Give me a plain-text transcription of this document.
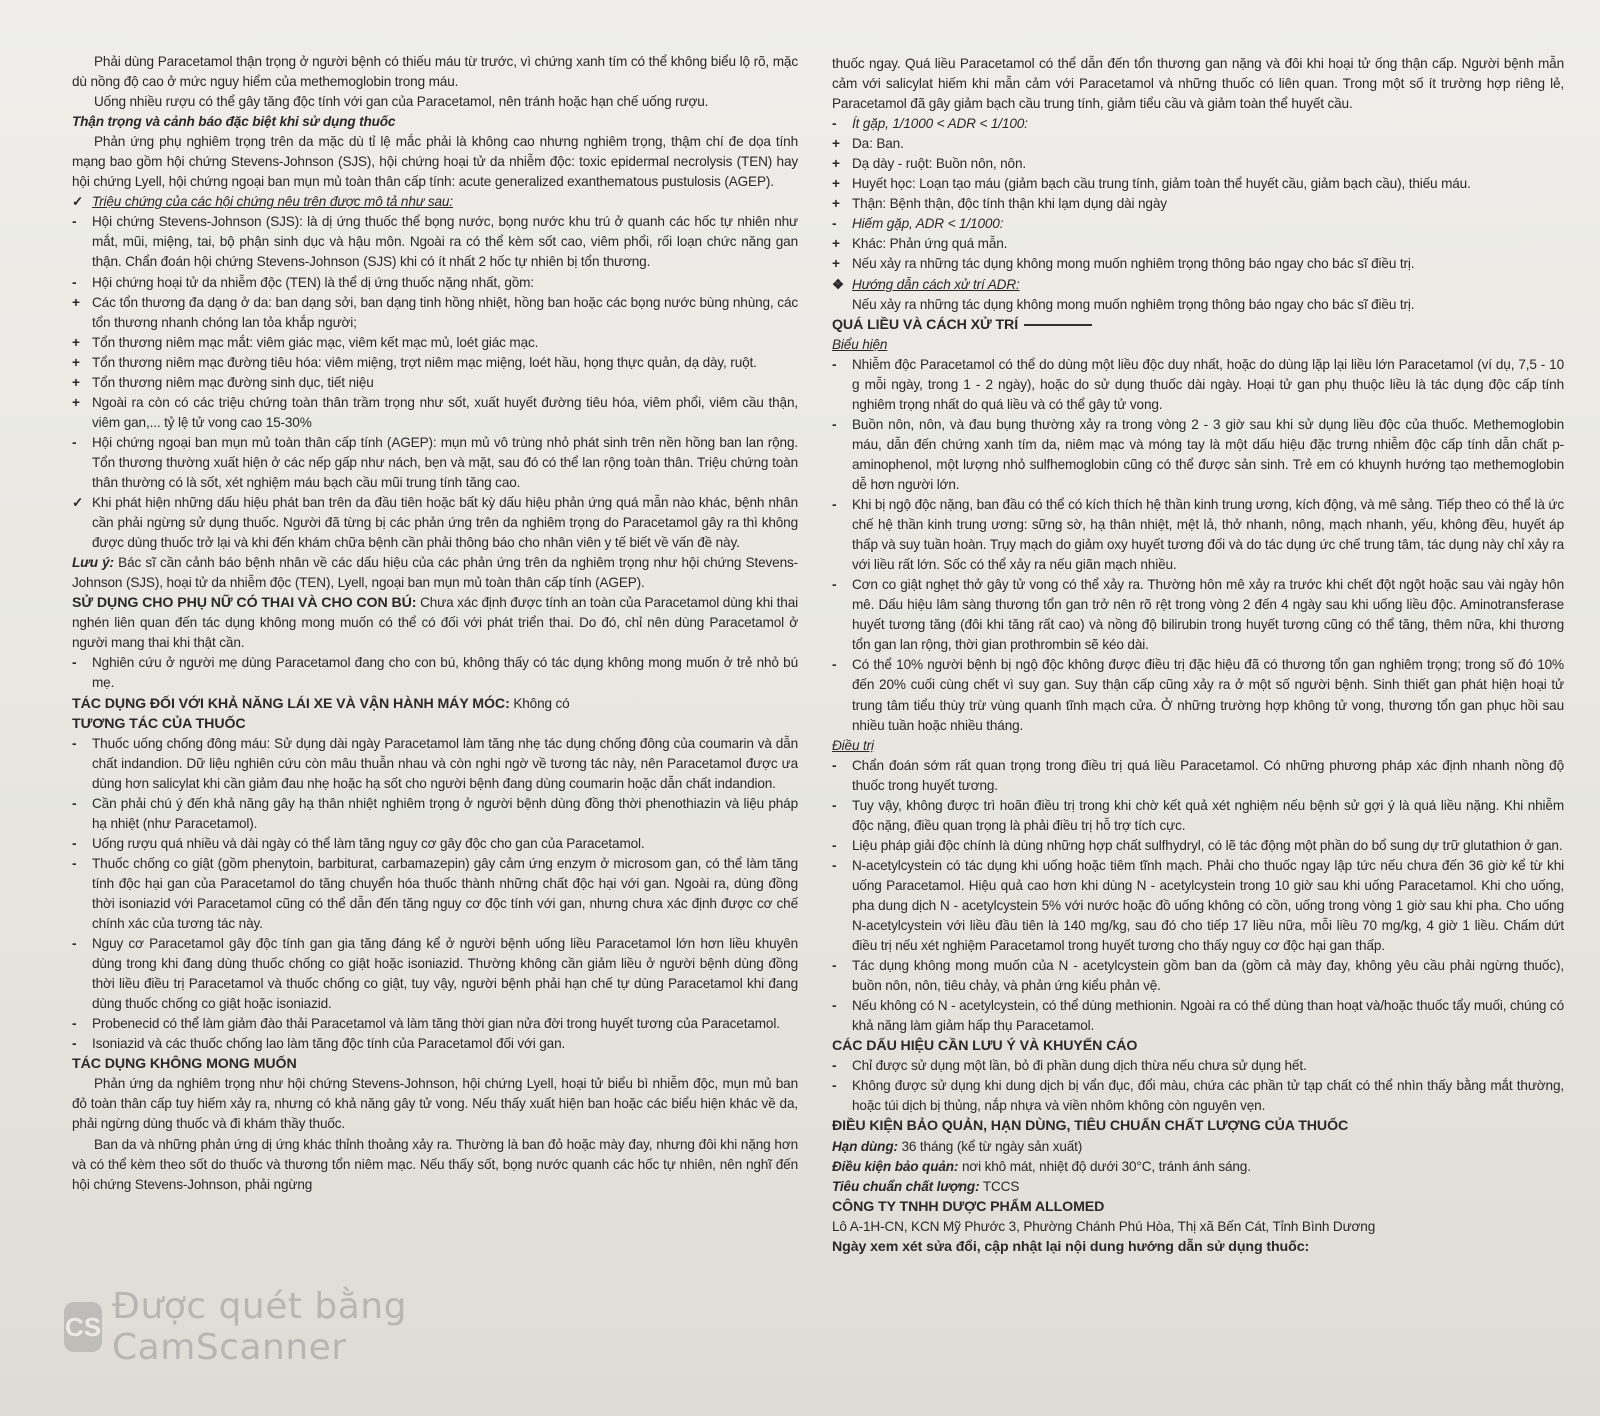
Phải dùng Paracetamol thận trọng ở người bệnh có thiếu máu từ trước, vì chứng xanh tím có thể không biểu lộ rõ, mặc dù nồng độ cao ở mức nguy hiểm của methemoglobin trong máu.

Uống nhiều rượu có thể gây tăng độc tính với gan của Paracetamol, nên tránh hoặc hạn chế uống rượu.

Thận trọng và cảnh báo đặc biệt khi sử dụng thuốc

Phản ứng phụ nghiêm trọng trên da mặc dù tỉ lệ mắc phải là không cao nhưng nghiêm trọng, thậm chí đe dọa tính mạng bao gồm hội chứng Stevens-Johnson (SJS), hội chứng hoại tử da nhiễm độc: toxic epidermal necrolysis (TEN) hay hội chứng Lyell, hội chứng ngoại ban mụn mủ toàn thân cấp tính: acute generalized exanthematous pustulosis (AGEP).

✓ Triệu chứng của các hội chứng nêu trên được mô tả như sau:
-	Hội chứng Stevens-Johnson (SJS): là dị ứng thuốc thể bọng nước, bọng nước khu trú ở quanh các hốc tự nhiên như mắt, mũi, miệng, tai, bộ phận sinh dục và hậu môn. Ngoài ra có thể kèm sốt cao, viêm phổi, rối loạn chức năng gan thận. Chẩn đoán hội chứng Stevens-Johnson (SJS) khi có ít nhất 2 hốc tự nhiên bị tổn thương.
-	Hội chứng hoại tử da nhiễm độc (TEN) là thể dị ứng thuốc nặng nhất, gồm:
+ Các tổn thương đa dạng ở da: ban dạng sởi, ban dạng tinh hồng nhiệt, hồng ban hoặc các bọng nước bùng nhùng, các tổn thương nhanh chóng lan tỏa khắp người;
+ Tổn thương niêm mạc mắt: viêm giác mạc, viêm kết mạc mủ, loét giác mạc.
+ Tổn thương niêm mạc đường tiêu hóa: viêm miệng, trợt niêm mạc miệng, loét hầu, họng thực quản, dạ dày, ruột.
+ Tổn thương niêm mạc đường sinh dục, tiết niệu
+ Ngoài ra còn có các triệu chứng toàn thân trầm trọng như sốt, xuất huyết đường tiêu hóa, viêm phổi, viêm cầu thận, viêm gan,... tỷ lệ tử vong cao 15-30%
-	Hội chứng ngoại ban mụn mủ toàn thân cấp tính (AGEP): mụn mủ vô trùng nhỏ phát sinh trên nền hồng ban lan rộng. Tổn thương thường xuất hiện ở các nếp gấp như nách, bẹn và mặt, sau đó có thể lan rộng toàn thân. Triệu chứng toàn thân thường có là sốt, xét nghiệm máu bạch cầu mũi trung tính tăng cao.
✓ Khi phát hiện những dấu hiệu phát ban trên da đầu tiên hoặc bất kỳ dấu hiệu phản ứng quá mẫn nào khác, bệnh nhân cần phải ngừng sử dụng thuốc. Người đã từng bị các phản ứng trên da nghiêm trọng do Paracetamol gây ra thì không được dùng thuốc trở lại và khi đến khám chữa bệnh cần phải thông báo cho nhân viên y tế biết về vấn đề này.

Lưu ý: Bác sĩ cần cảnh báo bệnh nhân về các dấu hiệu của các phản ứng trên da nghiêm trọng như hội chứng Stevens-Johnson (SJS), hoại tử da nhiễm độc (TEN), Lyell, ngoại ban mụn mủ toàn thân cấp tính (AGEP).

SỬ DỤNG CHO PHỤ NỮ CÓ THAI VÀ CHO CON BÚ: Chưa xác định được tính an toàn của Paracetamol dùng khi thai nghén liên quan đến tác dụng không mong muốn có thể có đối với phát triển thai. Do đó, chỉ nên dùng Paracetamol ở người mang thai khi thật cần.

-	Nghiên cứu ở người mẹ dùng Paracetamol đang cho con bú, không thấy có tác dụng không mong muốn ở trẻ nhỏ bú mẹ.

TÁC DỤNG ĐỐI VỚI KHẢ NĂNG LÁI XE VÀ VẬN HÀNH MÁY MÓC: Không có

TƯƠNG TÁC CỦA THUỐC

-	Thuốc uống chống đông máu: Sử dụng dài ngày Paracetamol làm tăng nhẹ tác dụng chống đông của coumarin và dẫn chất indandion. Dữ liệu nghiên cứu còn mâu thuẫn nhau và còn nghi ngờ về tương tác này, nên Paracetamol được ưa dùng hơn salicylat khi cần giảm đau nhẹ hoặc hạ sốt cho người bệnh đang dùng coumarin hoặc dẫn chất indandion.
-	Cần phải chú ý đến khả năng gây hạ thân nhiệt nghiêm trọng ở người bệnh dùng đồng thời phenothiazin và liệu pháp hạ nhiệt (như Paracetamol).
-	Uống rượu quá nhiều và dài ngày có thể làm tăng nguy cơ gây độc cho gan của Paracetamol.
-	Thuốc chống co giật (gồm phenytoin, barbiturat, carbamazepin) gây cảm ứng enzym ở microsom gan, có thể làm tăng tính độc hại gan của Paracetamol do tăng chuyển hóa thuốc thành những chất độc hại với gan. Ngoài ra, dùng đồng thời isoniazid với Paracetamol cũng có thể dẫn đến tăng nguy cơ độc tính với gan, nhưng chưa xác định được cơ chế chính xác của tương tác này.
-	Nguy cơ Paracetamol gây độc tính gan gia tăng đáng kể ở người bệnh uống liều Paracetamol lớn hơn liều khuyên dùng trong khi đang dùng thuốc chống co giật hoặc isoniazid. Thường không cần giảm liều ở người bệnh dùng đồng thời liều điều trị Paracetamol và thuốc chống co giật, tuy vậy, người bệnh phải hạn chế tự dùng Paracetamol khi đang dùng thuốc chống co giật hoặc isoniazid.
-	Probenecid có thể làm giảm đào thải Paracetamol và làm tăng thời gian nửa đời trong huyết tương của Paracetamol.
-	Isoniazid và các thuốc chống lao làm tăng độc tính của Paracetamol đối với gan.

TÁC DỤNG KHÔNG MONG MUỐN

Phản ứng da nghiêm trọng như hội chứng Stevens-Johnson, hội chứng Lyell, hoại tử biểu bì nhiễm độc, mụn mủ ban đỏ toàn thân cấp tuy hiếm xảy ra, nhưng có khả năng gây tử vong. Nếu thấy xuất hiện ban hoặc các biểu hiện khác về da, phải ngừng dùng thuốc và đi khám thầy thuốc.

Ban da và những phản ứng dị ứng khác thỉnh thoảng xảy ra. Thường là ban đỏ hoặc mày đay, nhưng đôi khi nặng hơn và có thể kèm theo sốt do thuốc và thương tổn niêm mạc. Nếu thấy sốt, bọng nước quanh các hốc tự nhiên, nên nghĩ đến hội chứng Stevens-Johnson, phải ngừng

thuốc ngay. Quá liều Paracetamol có thể dẫn đến tổn thương gan nặng và đôi khi hoại tử ống thận cấp. Người bệnh mẫn cảm với salicylat hiếm khi mẫn cảm với Paracetamol và những thuốc có liên quan. Trong một số ít trường hợp riêng lẻ, Paracetamol đã gây giảm bạch cầu trung tính, giảm tiểu cầu và giảm toàn thể huyết cầu.

-	Ít gặp, 1/1000 < ADR < 1/100:
+ Da: Ban.
+ Dạ dày - ruột: Buồn nôn, nôn.
+ Huyết học: Loạn tạo máu (giảm bạch cầu trung tính, giảm toàn thể huyết cầu, giảm bạch cầu), thiếu máu.
+ Thận: Bệnh thận, độc tính thận khi lạm dụng dài ngày
-	Hiếm gặp, ADR < 1/1000:
+ Khác: Phản ứng quá mẫn.
+ Nếu xảy ra những tác dụng không mong muốn nghiêm trọng thông báo ngay cho bác sĩ điều trị.
❖ Hướng dẫn cách xử trí ADR:

Nếu xảy ra những tác dụng không mong muốn nghiêm trọng thông báo ngay cho bác sĩ điều trị.

QUÁ LIỀU VÀ CÁCH XỬ TRÍ

Biểu hiện

-	Nhiễm độc Paracetamol có thể do dùng một liều độc duy nhất, hoặc do dùng lặp lại liều lớn Paracetamol (ví dụ, 7,5 - 10 g mỗi ngày, trong 1 - 2 ngày), hoặc do sử dụng thuốc dài ngày. Hoại tử gan phụ thuộc liều là tác dụng độc cấp tính nghiêm trọng nhất do quá liều và có thể gây tử vong.
-	Buồn nôn, nôn, và đau bụng thường xảy ra trong vòng 2 - 3 giờ sau khi sử dụng liều độc của thuốc. Methemoglobin máu, dẫn đến chứng xanh tím da, niêm mạc và móng tay là một dấu hiệu đặc trưng nhiễm độc cấp tính dẫn chất p-aminophenol, một lượng nhỏ sulfhemoglobin cũng có thể được sản sinh. Trẻ em có khuynh hướng tạo methemoglobin dễ hơn người lớn.
-	Khi bị ngộ độc nặng, ban đầu có thể có kích thích hệ thần kinh trung ương, kích động, và mê sảng. Tiếp theo có thể là ức chế hệ thần kinh trung ương: sững sờ, hạ thân nhiệt, mệt lả, thở nhanh, nông, mạch nhanh, yếu, không đều, huyết áp thấp và suy tuần hoàn. Trụy mạch do giảm oxy huyết tương đối và do tác dụng ức chế trung tâm, tác dụng này chỉ xảy ra với liều rất lớn. Sốc có thể xảy ra nếu giãn mạch nhiều.
-	Cơn co giật nghẹt thở gây tử vong có thể xảy ra. Thường hôn mê xảy ra trước khi chết đột ngột hoặc sau vài ngày hôn mê. Dấu hiệu lâm sàng thương tổn gan trở nên rõ rệt trong vòng 2 đến 4 ngày sau khi uống liều độc. Aminotransferase huyết tương tăng (đôi khi tăng rất cao) và nồng độ bilirubin trong huyết tương cũng có thể tăng, thêm nữa, khi thương tổn gan lan rộng, thời gian prothrombin sẽ kéo dài.
-	Có thể 10% người bệnh bị ngộ độc không được điều trị đặc hiệu đã có thương tổn gan nghiêm trọng; trong số đó 10% đến 20% cuối cùng chết vì suy gan. Suy thận cấp cũng xảy ra ở một số người bệnh. Sinh thiết gan phát hiện hoại tử trung tâm tiểu thùy trừ vùng quanh tĩnh mạch cửa. Ở những trường hợp không tử vong, thương tổn gan phục hồi sau nhiều tuần hoặc nhiều tháng.

Điều trị

-	Chẩn đoán sớm rất quan trọng trong điều trị quá liều Paracetamol. Có những phương pháp xác định nhanh nồng độ thuốc trong huyết tương.
-	Tuy vậy, không được trì hoãn điều trị trong khi chờ kết quả xét nghiệm nếu bệnh sử gợi ý là quá liều nặng. Khi nhiễm độc nặng, điều quan trọng là phải điều trị hỗ trợ tích cực.
-	Liệu pháp giải độc chính là dùng những hợp chất sulfhydryl, có lẽ tác động một phần do bổ sung dự trữ glutathion ở gan.
-	N-acetylcystein có tác dụng khi uống hoặc tiêm tĩnh mạch. Phải cho thuốc ngay lập tức nếu chưa đến 36 giờ kể từ khi uống Paracetamol. Hiệu quả cao hơn khi dùng N - acetylcystein trong 10 giờ sau khi uống Paracetamol. Khi cho uống, pha dung dịch N - acetylcystein 5% với nước hoặc đồ uống không có cồn, uống trong vòng 1 giờ sau khi pha. Cho uống N-acetylcystein với liều đầu tiên là 140 mg/kg, sau đó cho tiếp 17 liều nữa, mỗi liều 70 mg/kg, 4 giờ 1 liều. Chấm dứt điều trị nếu xét nghiệm Paracetamol trong huyết tương cho thấy nguy cơ độc hại gan thấp.
-	Tác dụng không mong muốn của N - acetylcystein gồm ban da (gồm cả mày đay, không yêu cầu phải ngừng thuốc), buồn nôn, nôn, tiêu chảy, và phản ứng kiểu phản vệ.
-	Nếu không có N - acetylcystein, có thể dùng methionin. Ngoài ra có thể dùng than hoạt và/hoặc thuốc tẩy muối, chúng có khả năng làm giảm hấp thụ Paracetamol.

CÁC DẤU HIỆU CẦN LƯU Ý VÀ KHUYẾN CÁO

-	Chỉ được sử dụng một lần, bỏ đi phần dung dịch thừa nếu chưa sử dụng hết.
-	Không được sử dụng khi dung dịch bị vẩn đục, đổi màu, chứa các phần tử tạp chất có thể nhìn thấy bằng mắt thường, hoặc túi dịch bị thủng, nắp nhựa và viền nhôm không còn nguyên vẹn.

ĐIỀU KIỆN BẢO QUẢN, HẠN DÙNG, TIÊU CHUẨN CHẤT LƯỢNG CỦA THUỐC

Hạn dùng: 36 tháng (kể từ ngày sản xuất)

Điều kiện bảo quản: nơi khô mát, nhiệt độ dưới 30°C, tránh ánh sáng.

Tiêu chuẩn chất lượng: TCCS

CÔNG TY TNHH DƯỢC PHẨM ALLOMED

Lô A-1H-CN, KCN Mỹ Phước 3, Phường Chánh Phú Hòa, Thị xã Bến Cát, Tỉnh Bình Dương

Ngày xem xét sửa đổi, cập nhật lại nội dung hướng dẫn sử dụng thuốc:

CS Được quét bằng CamScanner
